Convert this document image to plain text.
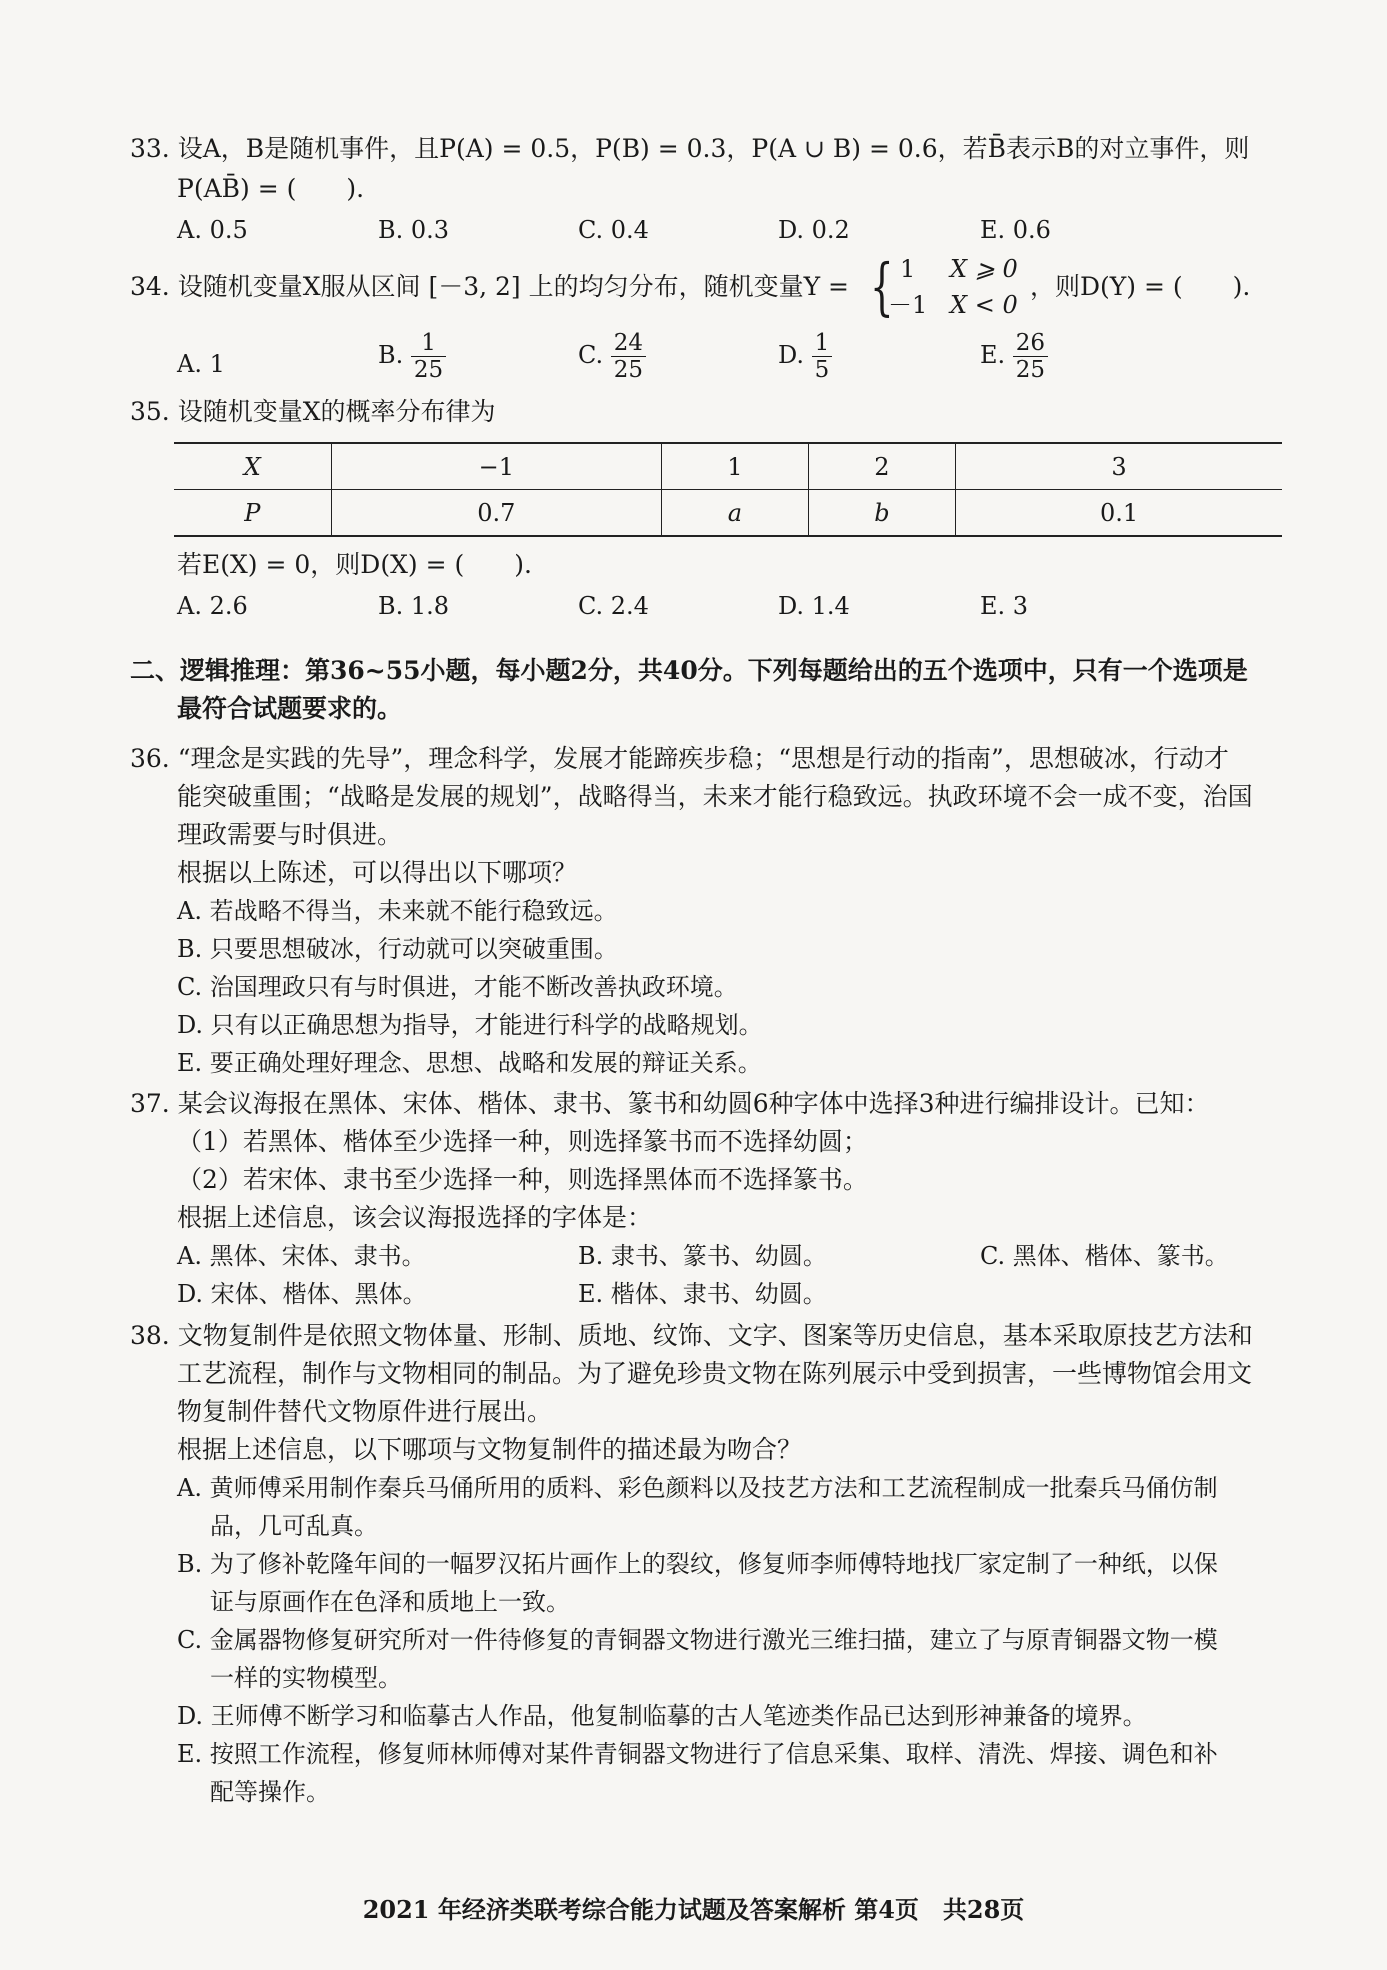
33. 设A，B是随机事件，且P(A) = 0.5，P(B) = 0.3，P(A ∪ B) = 0.6，若B̄表示B的对立事件，则
P(AB̄) = (　　).
A. 0.5	B. 0.3	C. 0.4	D. 0.2	E. 0.6
34. 设随机变量X服从区间 [－3, 2] 上的均匀分布，随机变量Y = { 1 X ⩾ 0
－1 X < 0
，则D(Y) = (　　).
A. 1	B. $\frac{1}{25}$	C. $\frac{24}{25}$	D. $\frac{1}{5}$	E. $\frac{26}{25}$
35. 设随机变量X的概率分布律为
X	−1	1	2	3
P	0.7	a	b	0.1
若E(X) = 0，则D(X) = (　　).
A. 2.6	B. 1.8	C. 2.4	D. 1.4	E. 3
二、逻辑推理：第36~55小题，每小题2分，共40分。下列每题给出的五个选项中，只有一个选项是
最符合试题要求的。
36. “理念是实践的先导”，理念科学，发展才能蹄疾步稳；“思想是行动的指南”，思想破冰，行动才
能突破重围；“战略是发展的规划”，战略得当，未来才能行稳致远。执政环境不会一成不变，治国
理政需要与时俱进。
根据以上陈述，可以得出以下哪项？
A. 若战略不得当，未来就不能行稳致远。
B. 只要思想破冰，行动就可以突破重围。
C. 治国理政只有与时俱进，才能不断改善执政环境。
D. 只有以正确思想为指导，才能进行科学的战略规划。
E. 要正确处理好理念、思想、战略和发展的辩证关系。
37. 某会议海报在黑体、宋体、楷体、隶书、篆书和幼圆6种字体中选择3种进行编排设计。已知：
（1）若黑体、楷体至少选择一种，则选择篆书而不选择幼圆；
（2）若宋体、隶书至少选择一种，则选择黑体而不选择篆书。
根据上述信息，该会议海报选择的字体是：
A. 黑体、宋体、隶书。	B. 隶书、篆书、幼圆。	C. 黑体、楷体、篆书。
D. 宋体、楷体、黑体。	E. 楷体、隶书、幼圆。
38. 文物复制件是依照文物体量、形制、质地、纹饰、文字、图案等历史信息，基本采取原技艺方法和
工艺流程，制作与文物相同的制品。为了避免珍贵文物在陈列展示中受到损害，一些博物馆会用文
物复制件替代文物原件进行展出。
根据上述信息，以下哪项与文物复制件的描述最为吻合？
A. 黄师傅采用制作秦兵马俑所用的质料、彩色颜料以及技艺方法和工艺流程制成一批秦兵马俑仿制
品，几可乱真。
B. 为了修补乾隆年间的一幅罗汉拓片画作上的裂纹，修复师李师傅特地找厂家定制了一种纸，以保
证与原画作在色泽和质地上一致。
C. 金属器物修复研究所对一件待修复的青铜器文物进行激光三维扫描，建立了与原青铜器文物一模
一样的实物模型。
D. 王师傅不断学习和临摹古人作品，他复制临摹的古人笔迹类作品已达到形神兼备的境界。
E. 按照工作流程，修复师林师傅对某件青铜器文物进行了信息采集、取样、清洗、焊接、调色和补
配等操作。
2021 年经济类联考综合能力试题及答案解析 第4页　共28页
